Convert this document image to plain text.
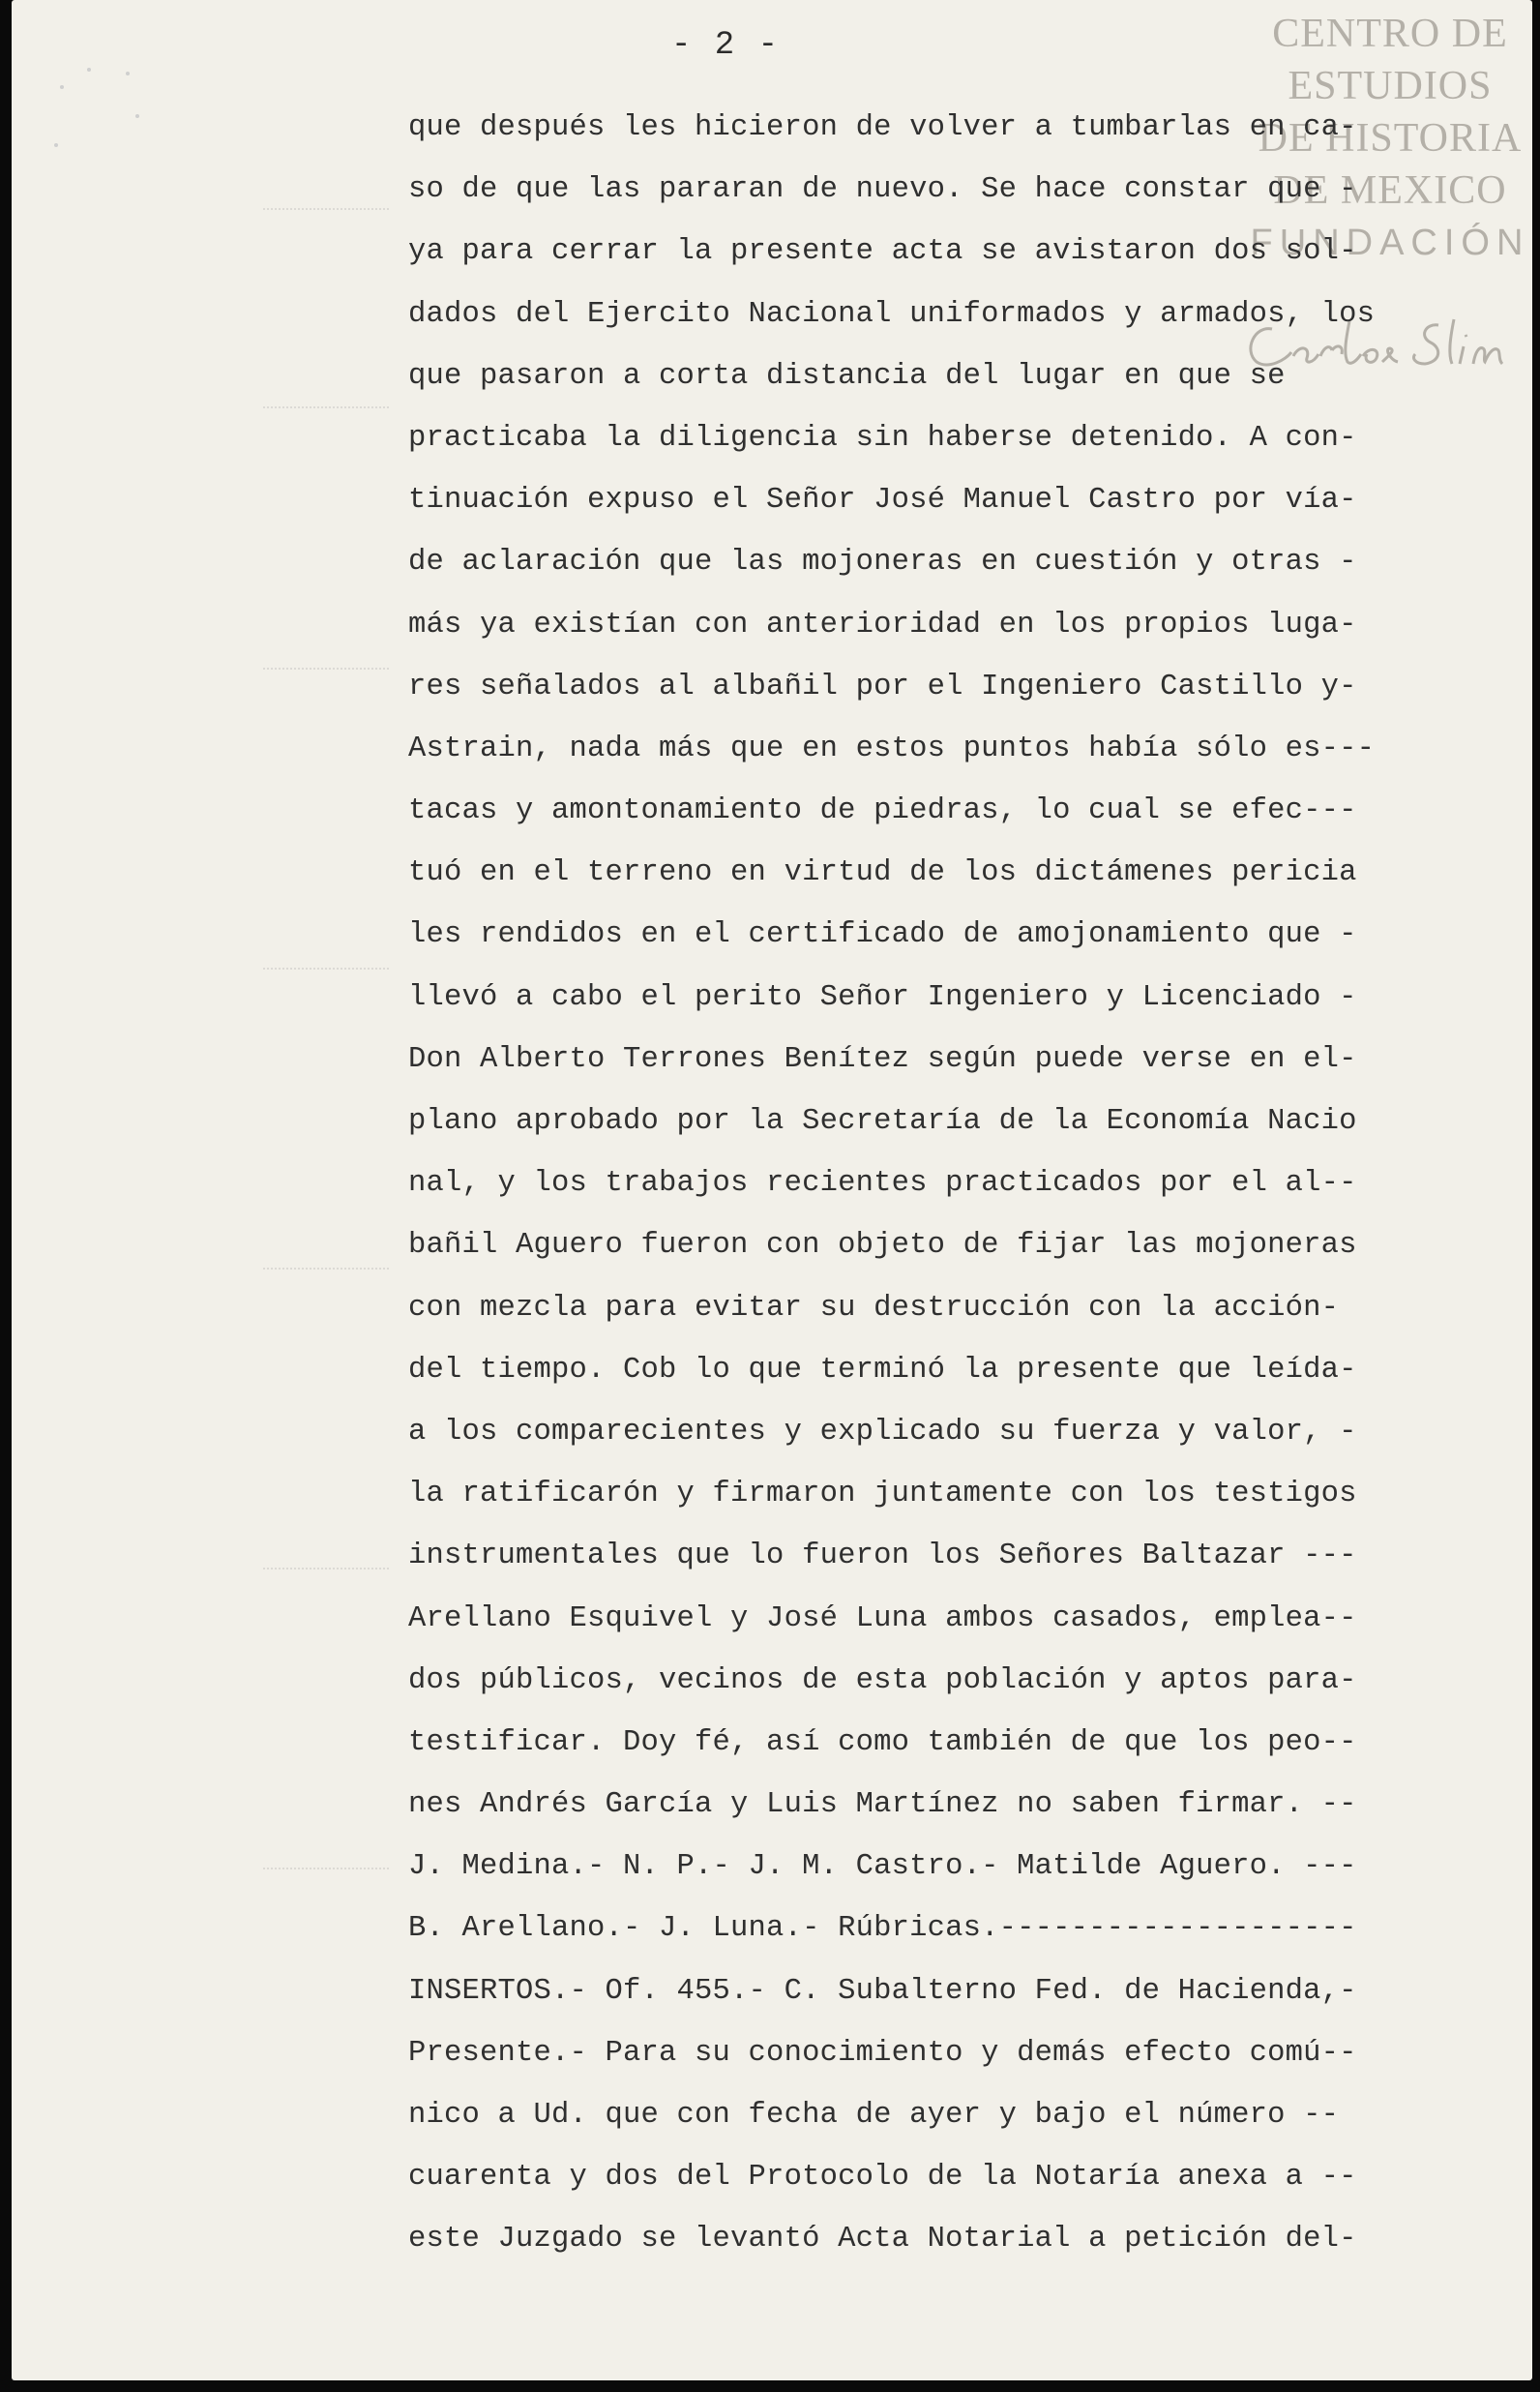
- 2 -	CENTRO DE
ESTUDIOS
DE HISTORIA
DE MEXICO
FUNDACIÓN
que después les hicieron de volver a tumbarlas en ca-
so de que las pararan de nuevo. Se hace constar que -
ya para cerrar la presente acta se avistaron dos sol-
dados del Ejercito Nacional uniformados y armados, los
que pasaron a corta distancia del lugar en que se
practicaba la diligencia sin haberse detenido. A con-
tinuación expuso el Señor José Manuel Castro por vía-
de aclaración que las mojoneras en cuestión y otras -
más ya existían con anterioridad en los propios luga-
res señalados al albañil por el Ingeniero Castillo y-
Astrain, nada más que en estos puntos había sólo es---
tacas y amontonamiento de piedras, lo cual se efec---
tuó en el terreno en virtud de los dictámenes pericia
les rendidos en el certificado de amojonamiento que -
llevó a cabo el perito Señor Ingeniero y Licenciado -
Don Alberto Terrones Benítez según puede verse en el-
plano aprobado por la Secretaría de la Economía Nacio
nal, y los trabajos recientes practicados por el al--
bañil Aguero fueron con objeto de fijar las mojoneras
con mezcla para evitar su destrucción con la acción-
del tiempo. Cob lo que terminó la presente que leída-
a los comparecientes y explicado su fuerza y valor, -
la ratificarón y firmaron juntamente con los testigos
instrumentales que lo fueron los Señores Baltazar ---
Arellano Esquivel y José Luna ambos casados, emplea--
dos públicos, vecinos de esta población y aptos para-
testificar. Doy fé, así como también de que los peo--
nes Andrés García y Luis Martínez no saben firmar. --
J. Medina.- N. P.- J. M. Castro.- Matilde Aguero. ---
B. Arellano.- J. Luna.- Rúbricas.--------------------
INSERTOS.- Of. 455.- C. Subalterno Fed. de Hacienda,-
Presente.- Para su conocimiento y demás efecto comú--
nico a Ud. que con fecha de ayer y bajo el número --
cuarenta y dos del Protocolo de la Notaría anexa a --
este Juzgado se levantó Acta Notarial a petición del-
